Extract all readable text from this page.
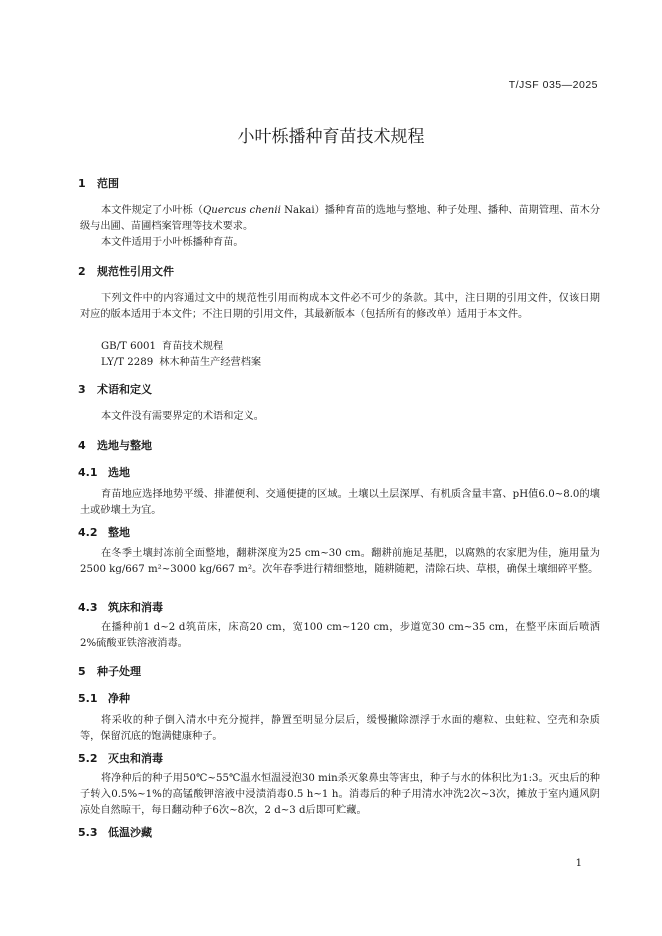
T/JSF 035—2025
小叶栎播种育苗技术规程
1 范围

本文件规定了小叶栎（Quercus chenii Nakai）播种育苗的选地与整地、种子处理、播种、苗期管理、苗木分级与出圃、苗圃档案管理等技术要求。

本文件适用于小叶栎播种育苗。

2 规范性引用文件

下列文件中的内容通过文中的规范性引用而构成本文件必不可少的条款。其中，注日期的引用文件，仅该日期对应的版本适用于本文件；不注日期的引用文件，其最新版本（包括所有的修改单）适用于本文件。

GB/T 6001 育苗技术规程
LY/T 2289 林木种苗生产经营档案
3 术语和定义

本文件没有需要界定的术语和定义。

4 选地与整地
4.1 选地

育苗地应选择地势平缓、排灌便利、交通便捷的区域。土壤以土层深厚、有机质含量丰富、pH值6.0~8.0的壤土或砂壤土为宜。

4.2 整地

在冬季土壤封冻前全面整地，翻耕深度为25 cm~30 cm。翻耕前施足基肥，以腐熟的农家肥为佳，施用量为2500 kg/667 m²~3000 kg/667 m²。次年春季进行精细整地，随耕随耙，清除石块、草根，确保土壤细碎平整。

4.3 筑床和消毒

在播种前1 d~2 d筑苗床，床高20 cm，宽100 cm~120 cm，步道宽30 cm~35 cm，在整平床面后喷洒2%硫酸亚铁溶液消毒。

5 种子处理
5.1 净种

将采收的种子倒入清水中充分搅拌，静置至明显分层后，缓慢撇除漂浮于水面的瘪粒、虫蛀粒、空壳和杂质等，保留沉底的饱满健康种子。

5.2 灭虫和消毒

将净种后的种子用50℃~55℃温水恒温浸泡30 min杀灭象鼻虫等害虫，种子与水的体积比为1:3。灭虫后的种子转入0.5%~1%的高锰酸钾溶液中浸渍消毒0.5 h~1 h。消毒后的种子用清水冲洗2次~3次，摊放于室内通风阴凉处自然晾干，每日翻动种子6次~8次，2 d~3 d后即可贮藏。

5.3 低温沙藏
1
